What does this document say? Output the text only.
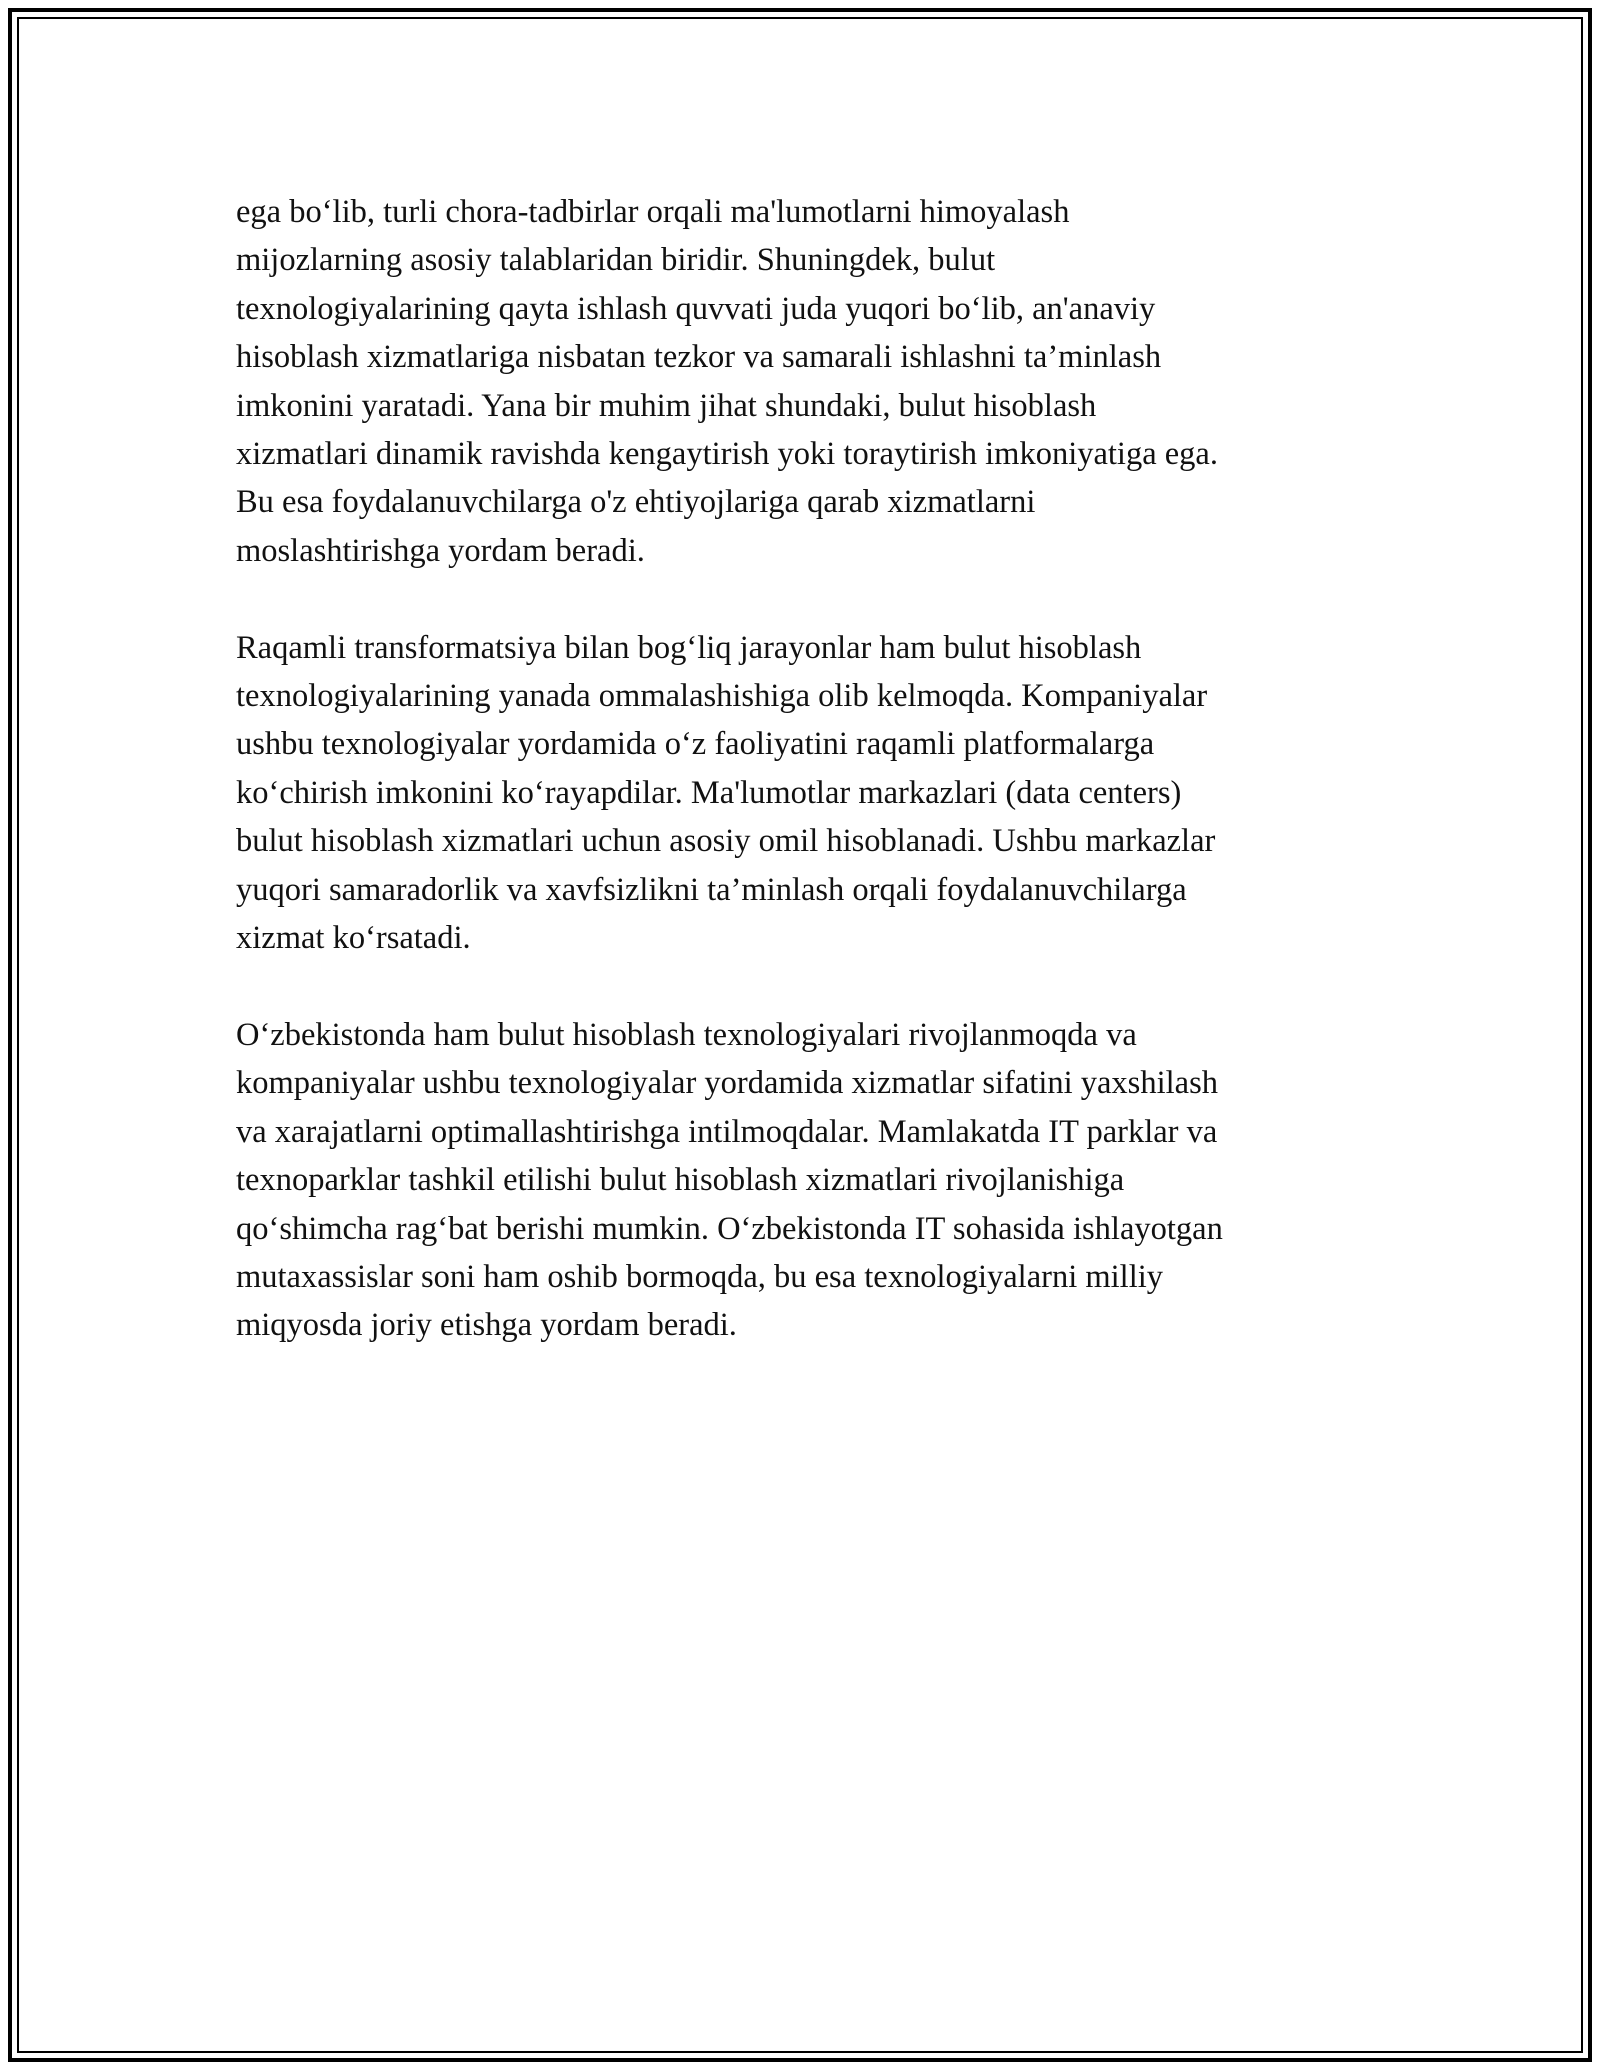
ega bo‘lib, turli chora-tadbirlar orqali ma'lumotlarni himoyalash
mijozlarning asosiy talablaridan biridir. Shuningdek, bulut
texnologiyalarining qayta ishlash quvvati juda yuqori bo‘lib, an'anaviy
hisoblash xizmatlariga nisbatan tezkor va samarali ishlashni ta’minlash
imkonini yaratadi. Yana bir muhim jihat shundaki, bulut hisoblash
xizmatlari dinamik ravishda kengaytirish yoki toraytirish imkoniyatiga ega.
Bu esa foydalanuvchilarga o'z ehtiyojlariga qarab xizmatlarni
moslashtirishga yordam beradi.

Raqamli transformatsiya bilan bog‘liq jarayonlar ham bulut hisoblash
texnologiyalarining yanada ommalashishiga olib kelmoqda. Kompaniyalar
ushbu texnologiyalar yordamida o‘z faoliyatini raqamli platformalarga
ko‘chirish imkonini ko‘rayapdilar. Ma'lumotlar markazlari (data centers)
bulut hisoblash xizmatlari uchun asosiy omil hisoblanadi. Ushbu markazlar
yuqori samaradorlik va xavfsizlikni ta’minlash orqali foydalanuvchilarga
xizmat ko‘rsatadi.

O‘zbekistonda ham bulut hisoblash texnologiyalari rivojlanmoqda va
kompaniyalar ushbu texnologiyalar yordamida xizmatlar sifatini yaxshilash
va xarajatlarni optimallashtirishga intilmoqdalar. Mamlakatda IT parklar va
texnoparklar tashkil etilishi bulut hisoblash xizmatlari rivojlanishiga
qo‘shimcha rag‘bat berishi mumkin. O‘zbekistonda IT sohasida ishlayotgan
mutaxassislar soni ham oshib bormoqda, bu esa texnologiyalarni milliy
miqyosda joriy etishga yordam beradi.
